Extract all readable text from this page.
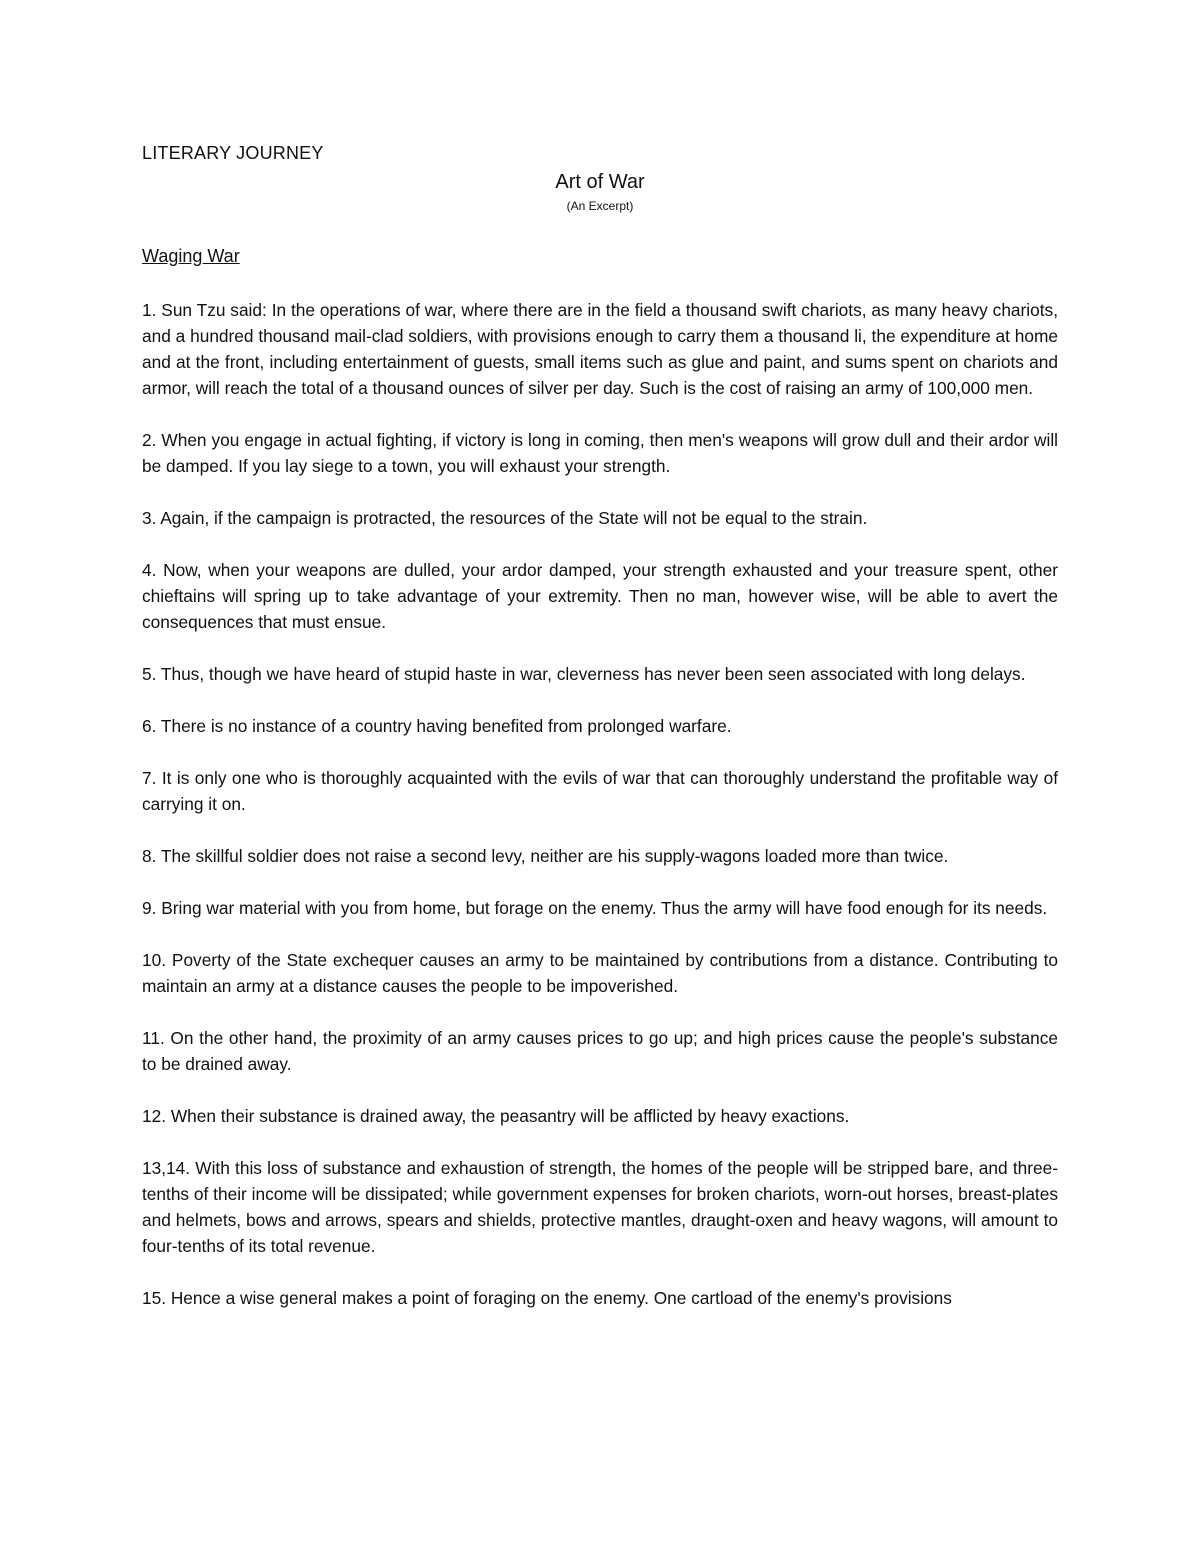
LITERARY JOURNEY
Art of War
(An Excerpt)
Waging War

1. Sun Tzu said: In the operations of war, where there are in the field a thousand swift chariots, as many heavy chariots, and a hundred thousand mail-clad soldiers, with provisions enough to carry them a thousand li, the expenditure at home and at the front, including entertainment of guests, small items such as glue and paint, and sums spent on chariots and armor, will reach the total of a thousand ounces of silver per day. Such is the cost of raising an army of 100,000 men.

2. When you engage in actual fighting, if victory is long in coming, then men's weapons will grow dull and their ardor will be damped. If you lay siege to a town, you will exhaust your strength.

3. Again, if the campaign is protracted, the resources of the State will not be equal to the strain.

4. Now, when your weapons are dulled, your ardor damped, your strength exhausted and your treasure spent, other chieftains will spring up to take advantage of your extremity. Then no man, however wise, will be able to avert the consequences that must ensue.

5. Thus, though we have heard of stupid haste in war, cleverness has never been seen associated with long delays.

6. There is no instance of a country having benefited from prolonged warfare.

7. It is only one who is thoroughly acquainted with the evils of war that can thoroughly understand the profitable way of carrying it on.

8. The skillful soldier does not raise a second levy, neither are his supply-wagons loaded more than twice.

9. Bring war material with you from home, but forage on the enemy. Thus the army will have food enough for its needs.

10. Poverty of the State exchequer causes an army to be maintained by contributions from a distance. Contributing to maintain an army at a distance causes the people to be impoverished.

11. On the other hand, the proximity of an army causes prices to go up; and high prices cause the people's substance to be drained away.

12. When their substance is drained away, the peasantry will be afflicted by heavy exactions.

13,14. With this loss of substance and exhaustion of strength, the homes of the people will be stripped bare, and three-tenths of their income will be dissipated; while government expenses for broken chariots, worn-out horses, breast-plates and helmets, bows and arrows, spears and shields, protective mantles, draught-oxen and heavy wagons, will amount to four-tenths of its total revenue.

15. Hence a wise general makes a point of foraging on the enemy. One cartload of the enemy's provisions
